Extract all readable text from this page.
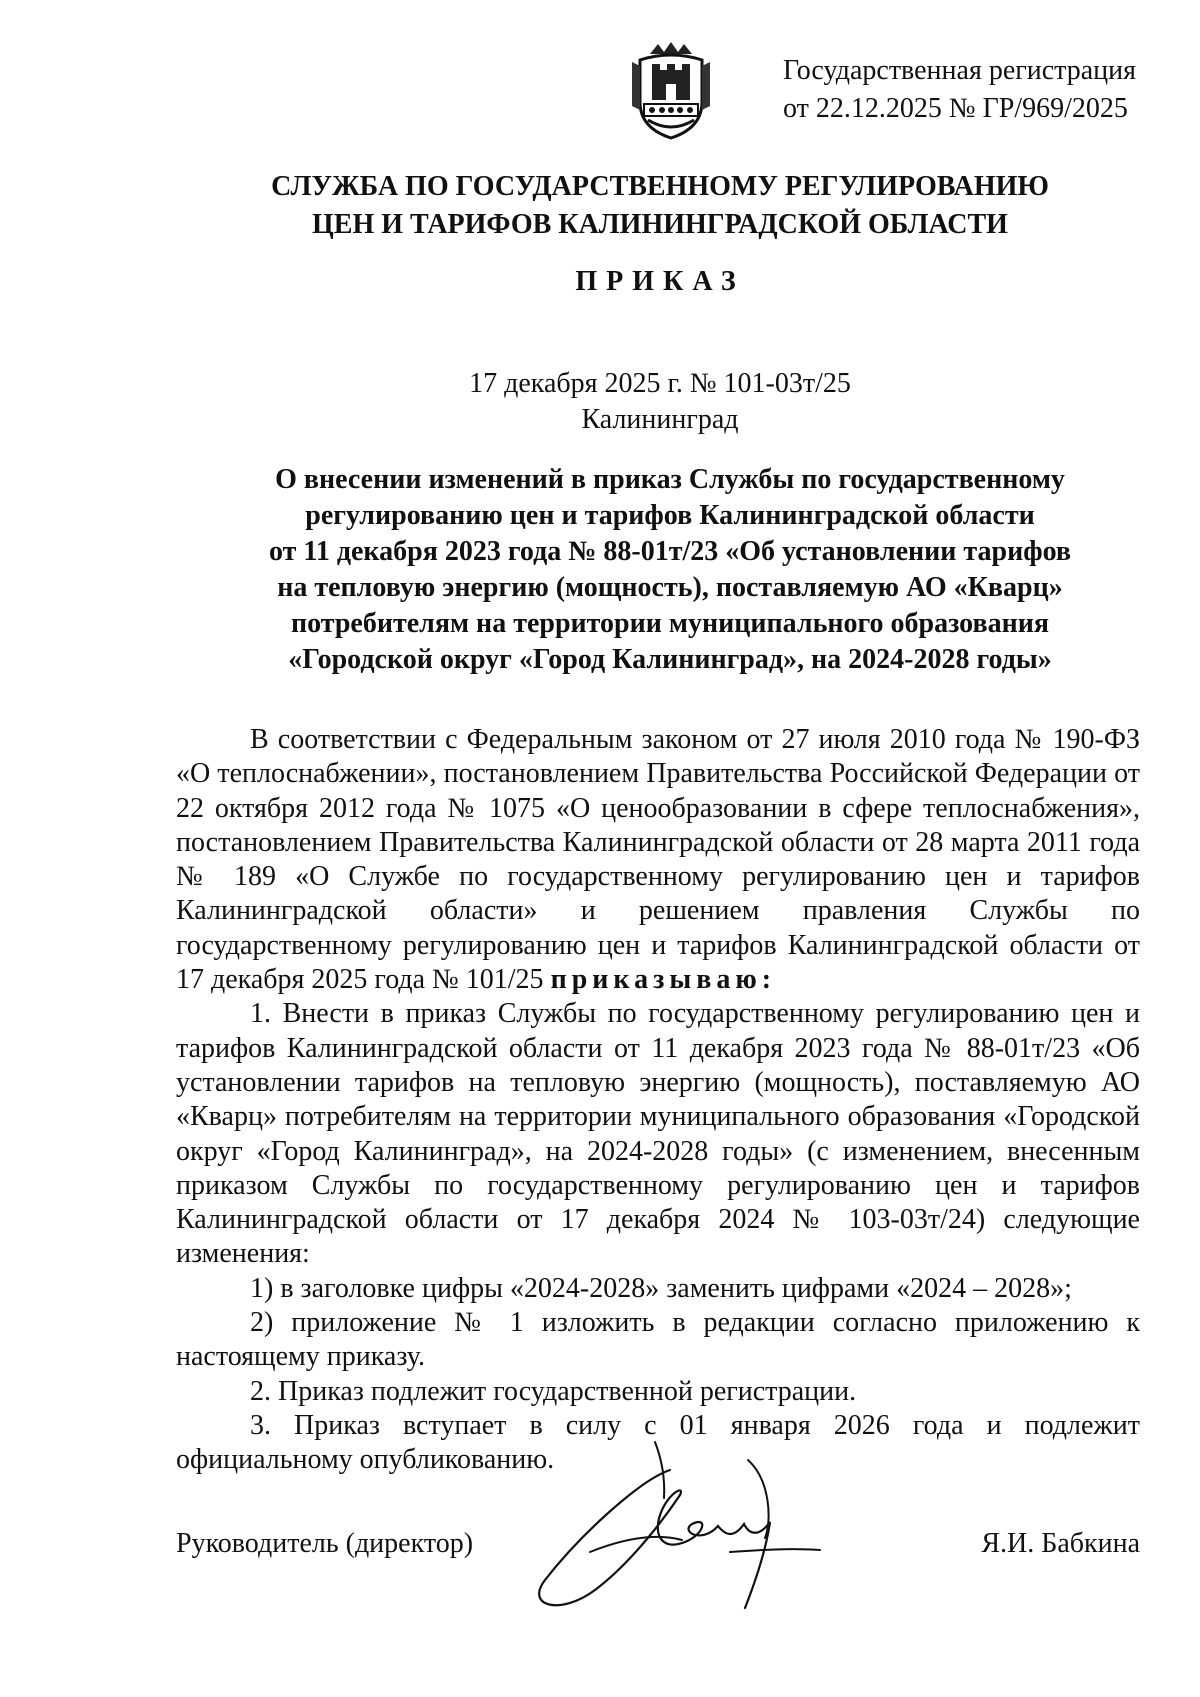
Государственная регистрация
от 22.12.2025 № ГР/969/2025
СЛУЖБА ПО ГОСУДАРСТВЕННОМУ РЕГУЛИРОВАНИЮ
ЦЕН И ТАРИФОВ КАЛИНИНГРАДСКОЙ ОБЛАСТИ
ПРИКАЗ
17 декабря 2025 г. № 101-03т/25
Калининград
О внесении изменений в приказ Службы по государственному
регулированию цен и тарифов Калининградской области
от 11 декабря 2023 года № 88-01т/23 «Об установлении тарифов
на тепловую энергию (мощность), поставляемую АО «Кварц»
потребителям на территории муниципального образования
«Городской округ «Город Калининград», на 2024-2028 годы»

В соответствии с Федеральным законом от 27 июля 2010 года № 190-ФЗ «О теплоснабжении», постановлением Правительства Российской Федерации от 22 октября 2012 года № 1075 «О ценообразовании в сфере теплоснабжения», постановлением Правительства Калининградской области от 28 марта 2011 года № 189 «О Службе по государственному регулированию цен и тарифов Калининградской области» и решением правления Службы по государственному регулированию цен и тарифов Калининградской области от 17 декабря 2025 года № 101/25 приказываю:

1. Внести в приказ Службы по государственному регулированию цен и тарифов Калининградской области от 11 декабря 2023 года № 88-01т/23 «Об установлении тарифов на тепловую энергию (мощность), поставляемую АО «Кварц» потребителям на территории муниципального образования «Городской округ «Город Калининград», на 2024-2028 годы» (с изменением, внесенным приказом Службы по государственному регулированию цен и тарифов Калининградской области от 17 декабря 2024 № 103-03т/24) следующие изменения:

1) в заголовке цифры «2024-2028» заменить цифрами «2024 – 2028»;

2) приложение № 1 изложить в редакции согласно приложению к настоящему приказу.

2. Приказ подлежит государственной регистрации.

3. Приказ вступает в силу с 01 января 2026 года и подлежит официальному опубликованию.

Руководитель (директор)	Я.И. Бабкина
